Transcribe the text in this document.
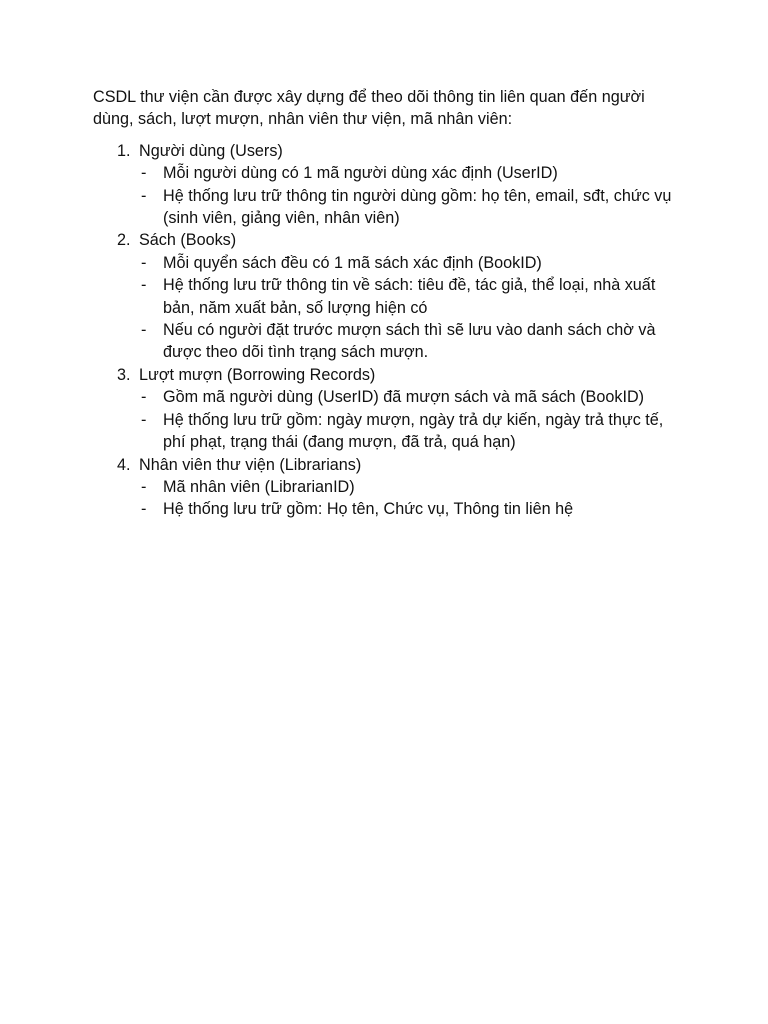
CSDL thư viện cần được xây dựng để theo dõi thông tin liên quan đến người dùng, sách, lượt mượn, nhân viên thư viện, mã nhân viên:

1. Người dùng (Users)
- Mỗi người dùng có 1 mã người dùng xác định (UserID)
- Hệ thống lưu trữ thông tin người dùng gồm: họ tên, email, sđt, chức vụ (sinh viên, giảng viên, nhân viên)
2. Sách (Books)
- Mỗi quyển sách đều có 1 mã sách xác định (BookID)
- Hệ thống lưu trữ thông tin về sách: tiêu đề, tác giả, thể loại, nhà xuất bản, năm xuất bản, số lượng hiện có
- Nếu có người đặt trước mượn sách thì sẽ lưu vào danh sách chờ và được theo dõi tình trạng sách mượn.
3. Lượt mượn (Borrowing Records)
- Gồm mã người dùng (UserID) đã mượn sách và mã sách (BookID)
- Hệ thống lưu trữ gồm: ngày mượn, ngày trả dự kiến, ngày trả thực tế, phí phạt, trạng thái (đang mượn, đã trả, quá hạn)
4. Nhân viên thư viện (Librarians)
- Mã nhân viên (LibrarianID)
- Hệ thống lưu trữ gồm: Họ tên, Chức vụ, Thông tin liên hệ
